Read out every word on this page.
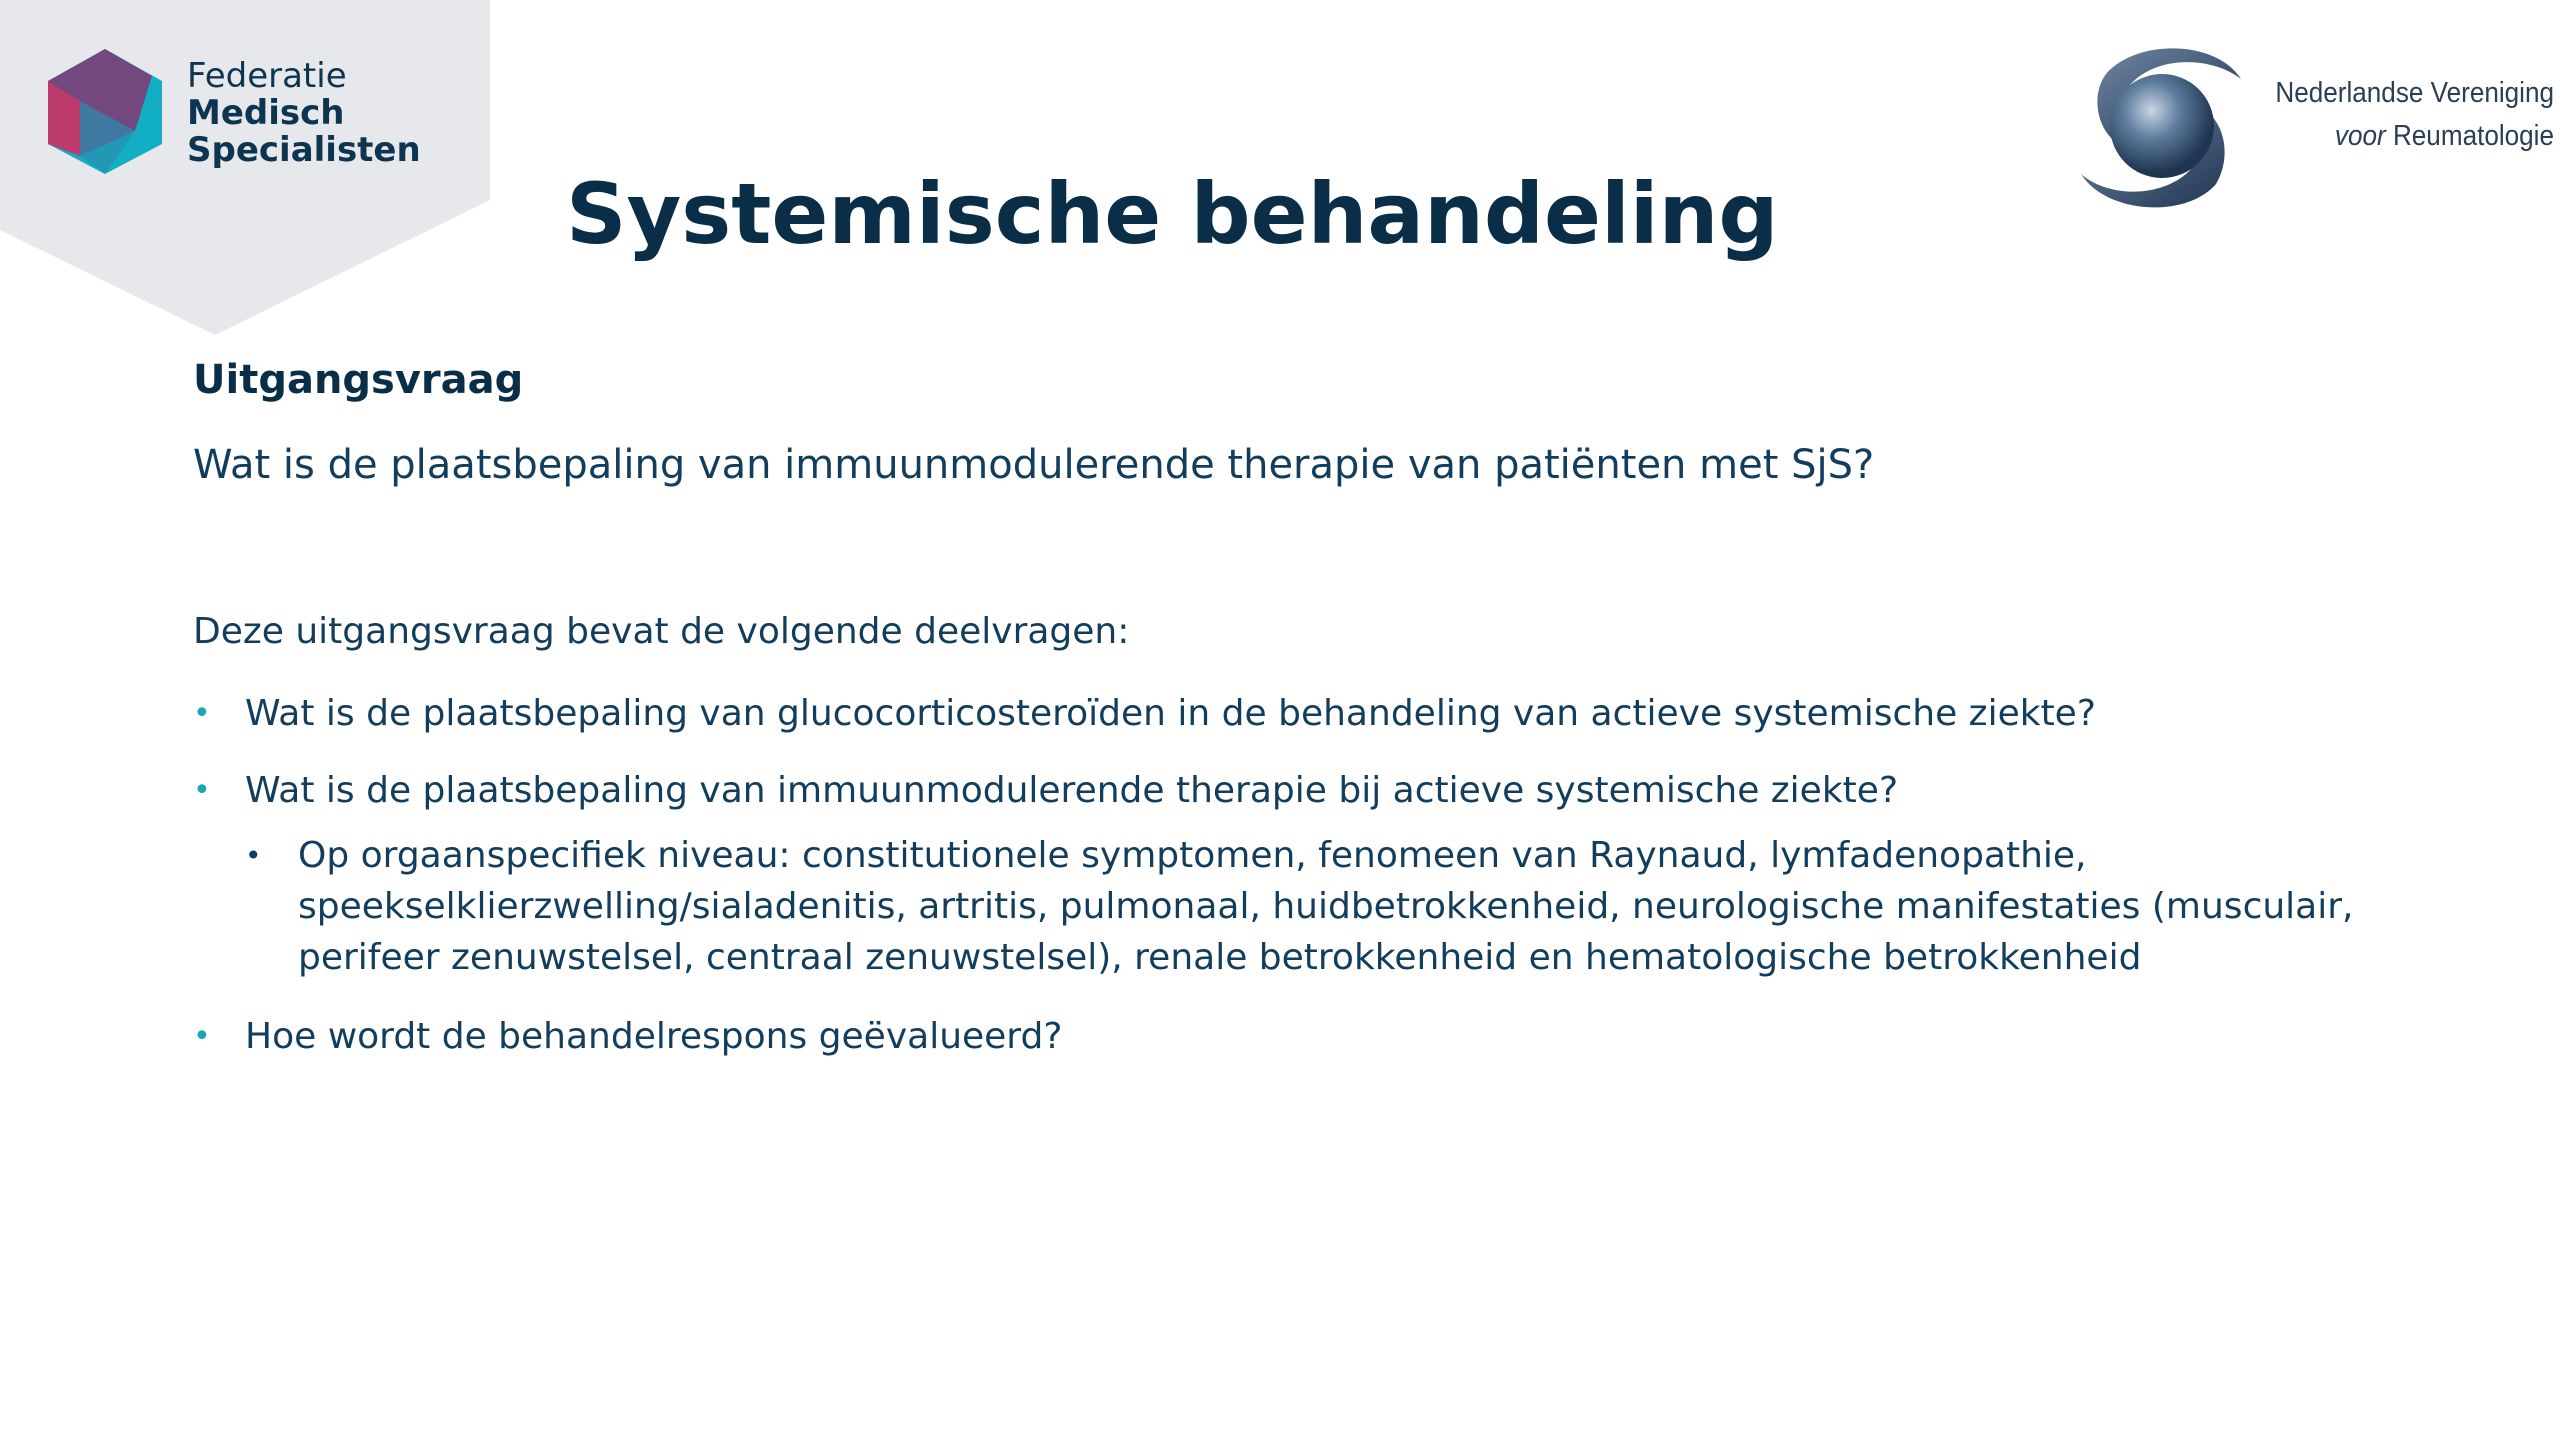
Federatie
Medisch
Specialisten
Nederlandse Vereniging
voor Reumatologie
Systemische behandeling
Uitgangsvraag

Wat is de plaatsbepaling van immuunmodulerende therapie van patiënten met SjS?

Deze uitgangsvraag bevat de volgende deelvragen:

• Wat is de plaatsbepaling van glucocorticosteroïden in de behandeling van actieve systemische ziekte?
• Wat is de plaatsbepaling van immuunmodulerende therapie bij actieve systemische ziekte?
•	Op orgaanspecifiek niveau: constitutionele symptomen, fenomeen van Raynaud, lymfadenopathie, speekselklierzwelling/sialadenitis, artritis, pulmonaal, huidbetrokkenheid, neurologische manifestaties (musculair, perifeer zenuwstelsel, centraal zenuwstelsel), renale betrokkenheid en hematologische betrokkenheid
• Hoe wordt de behandelrespons geëvalueerd?
